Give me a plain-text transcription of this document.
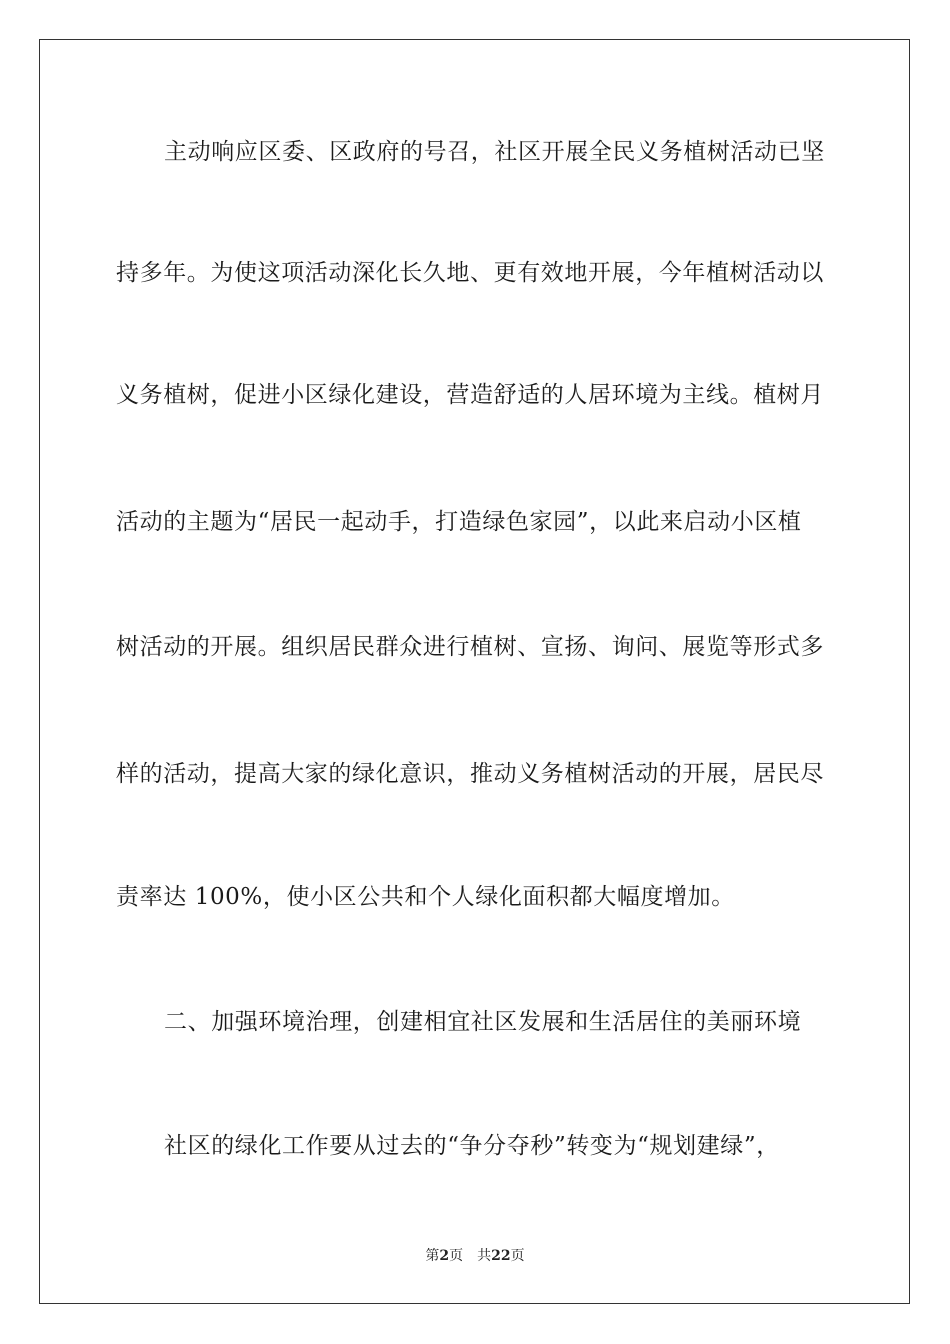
主动响应区委、区政府的号召，社区开展全民义务植树活动已坚
持多年。为使这项活动深化长久地、更有效地开展，今年植树活动以
义务植树，促进小区绿化建设，营造舒适的人居环境为主线。植树月
活动的主题为“居民一起动手，打造绿色家园”，以此来启动小区植
树活动的开展。组织居民群众进行植树、宣扬、询问、展览等形式多
样的活动，提高大家的绿化意识，推动义务植树活动的开展，居民尽
责率达 100%，使小区公共和个人绿化面积都大幅度增加。
二、加强环境治理，创建相宜社区发展和生活居住的美丽环境
社区的绿化工作要从过去的“争分夺秒”转变为“规划建绿”，
第2页 共22页
